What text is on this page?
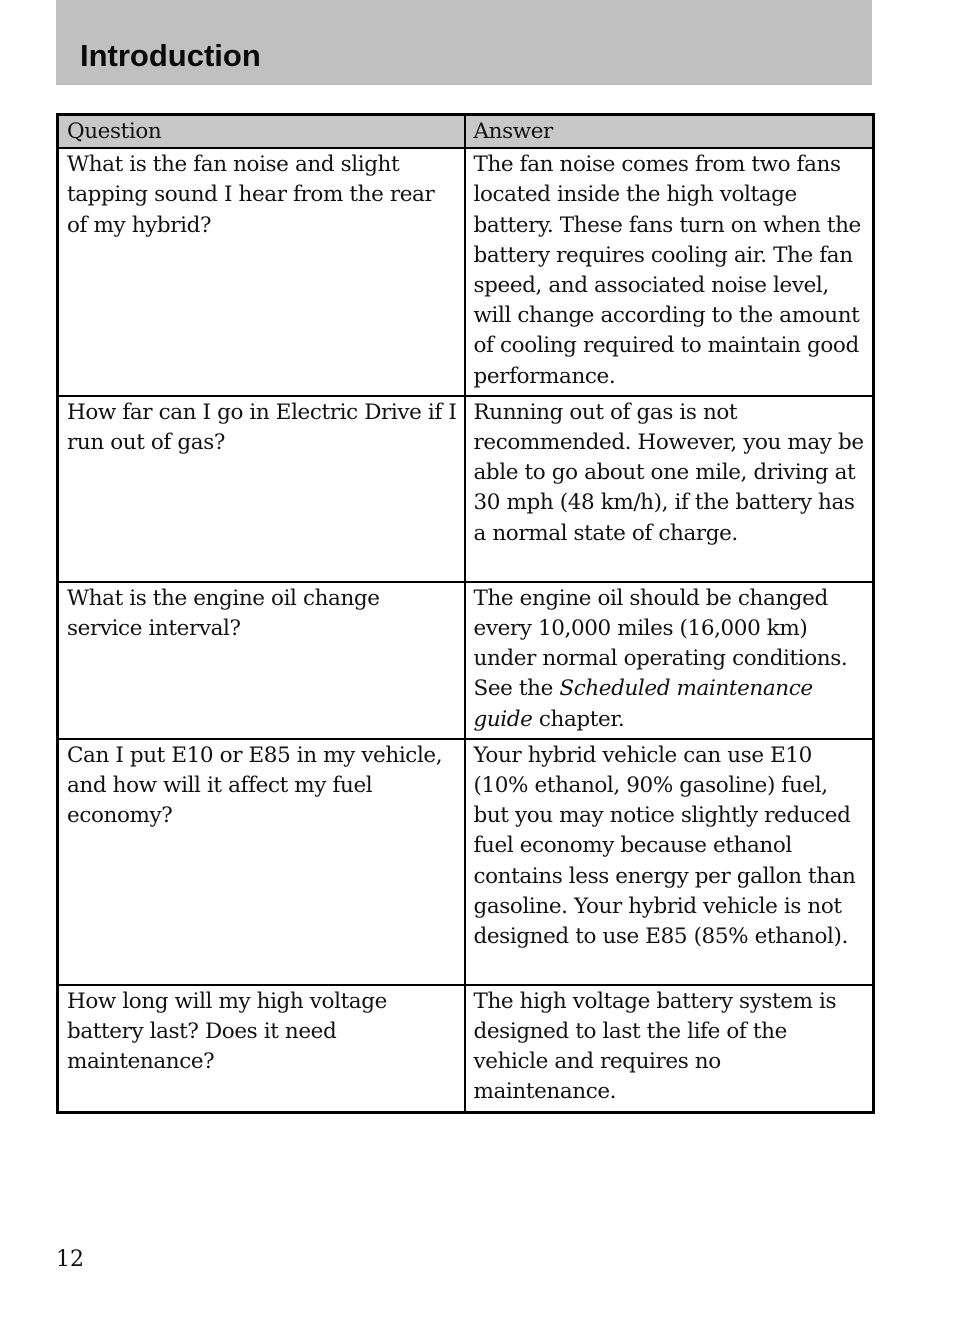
Introduction
Question	Answer
What is the fan noise and slight tapping sound I hear from the rear of my hybrid?	The fan noise comes from two fans located inside the high voltage battery. These fans turn on when the battery requires cooling air. The fan speed, and associated noise level, will change according to the amount of cooling required to maintain good performance.
How far can I go in Electric Drive if I run out of gas?	Running out of gas is not recommended. However, you may be able to go about one mile, driving at 30 mph (48 km/h), if the battery has a normal state of charge.
What is the engine oil change service interval?	The engine oil should be changed every 10,000 miles (16,000 km) under normal operating conditions. See the Scheduled maintenance guide chapter.
Can I put E10 or E85 in my vehicle, and how will it affect my fuel economy?	Your hybrid vehicle can use E10 (10% ethanol, 90% gasoline) fuel, but you may notice slightly reduced fuel economy because ethanol contains less energy per gallon than gasoline. Your hybrid vehicle is not designed to use E85 (85% ethanol).
How long will my high voltage battery last? Does it need maintenance?	The high voltage battery system is designed to last the life of the vehicle and requires no maintenance.

12
